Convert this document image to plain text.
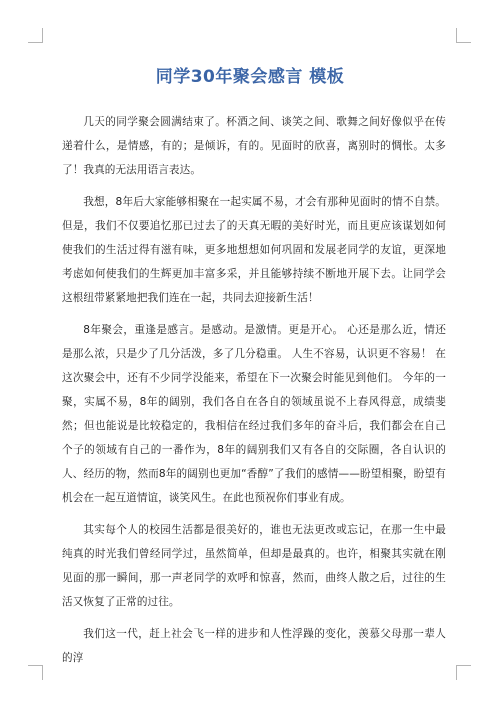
同学30年聚会感言 模板

几天的同学聚会圆满结束了。杯酒之间、谈笑之间、歌舞之间好像似乎在传递着什么，是情感，有的；是倾诉，有的。见面时的欣喜，离别时的惆怅。太多了！我真的无法用语言表达。

我想，8年后大家能够相聚在一起实属不易，才会有那种见面时的情不自禁。但是，我们不仅要追忆那已过去了的天真无暇的美好时光，而且更应该谋划如何使我们的生活过得有滋有味，更多地想想如何巩固和发展老同学的友谊，更深地考虑如何使我们的生辉更加丰富多采，并且能够持续不断地开展下去。让同学会这根纽带紧紧地把我们连在一起，共同去迎接新生活！

8年聚会，重逢是感言。是感动。是激情。更是开心。 心还是那么近，情还是那么浓，只是少了几分活泼，多了几分稳重。 人生不容易，认识更不容易！ 在这次聚会中，还有不少同学没能来，希望在下一次聚会时能见到他们。 今年的一聚，实属不易，8年的阔别，我们各自在各自的领域虽说不上春风得意，成绩斐然；但也能说是比较稳定的，我相信在经过我们多年的奋斗后，我们都会在自己个子的领域有自己的一番作为，8年的阔别我们又有各自的交际圈，各自认识的人、经历的物，然而8年的阔别也更加“香醇”了我们的感情——盼望相聚，盼望有机会在一起互道情谊，谈笑风生。在此也预祝你们事业有成。

其实每个人的校园生活都是很美好的，谁也无法更改或忘记，在那一生中最纯真的时光我们曾经同学过，虽然简单，但却是最真的。也许，相聚其实就在刚见面的那一瞬间，那一声老同学的欢呼和惊喜，然而，曲终人散之后，过往的生活又恢复了正常的过往。

我们这一代，赶上社会飞一样的进步和人性浮躁的变化，羡慕父母那一辈人的淳
